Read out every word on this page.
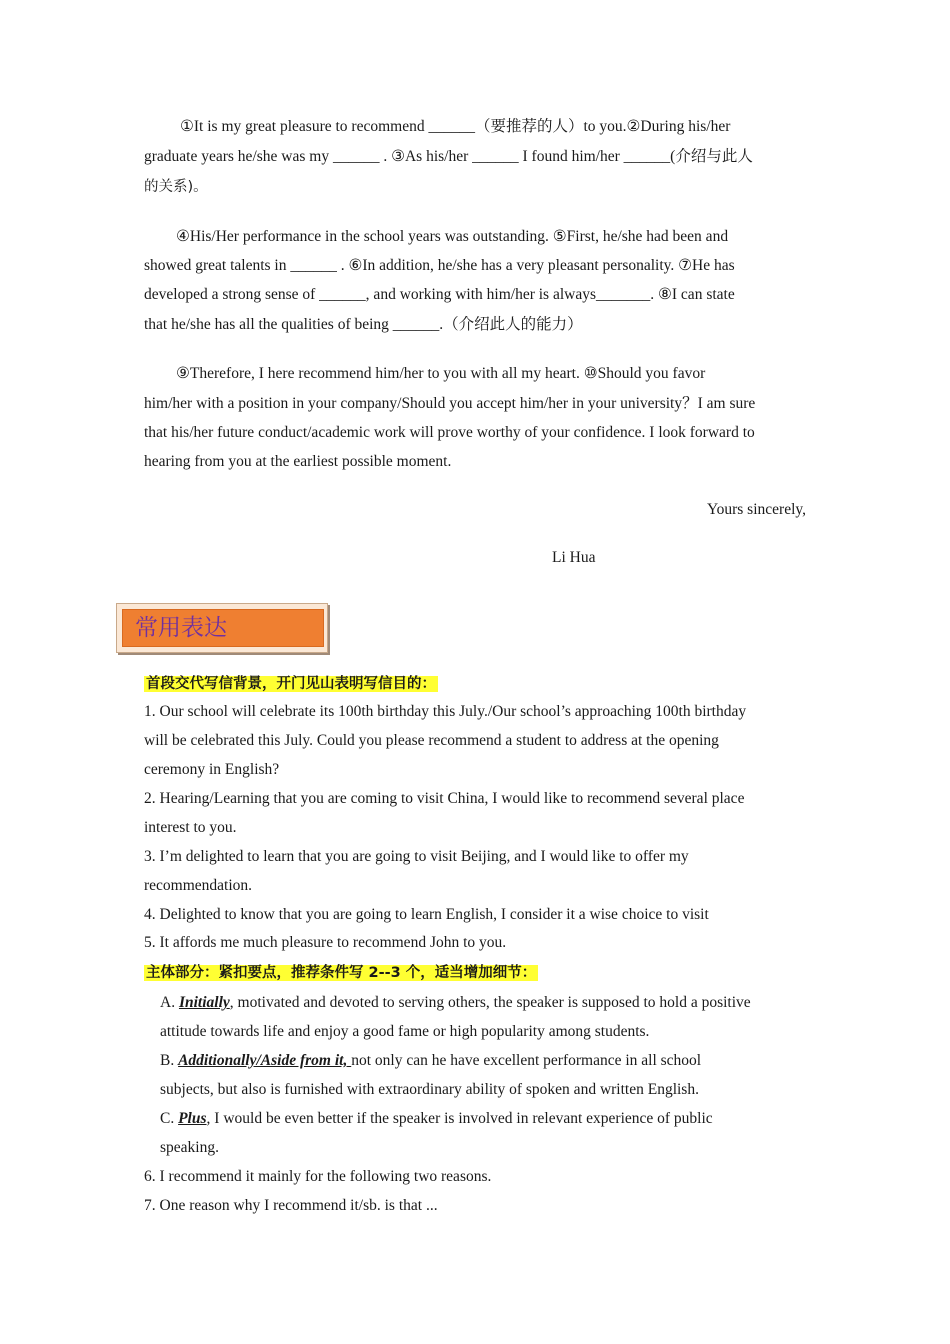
①It is my great pleasure to recommend ______（要推荐的人）to you.②During his/her
graduate years he/she was my ______ . ③As his/her ______ I found him/her ______(介绍与此人
的关系)。
④His/Her performance in the school years was outstanding. ⑤First, he/she had been and
showed great talents in ______ . ⑥In addition, he/she has a very pleasant personality. ⑦He has
developed a strong sense of ______, and working with him/her is always_______. ⑧I can state
that he/she has all the qualities of being ______.（介绍此人的能力）
⑨Therefore, I here recommend him/her to you with all my heart. ⑩Should you favor
him/her with a position in your company/Should you accept him/her in your university？I am sure
that his/her future conduct/academic work will prove worthy of your confidence. I look forward to
hearing from you at the earliest possible moment.
Yours sincerely,
Li Hua
常用表达
首段交代写信背景，开门见山表明写信目的：
1. Our school will celebrate its 100th birthday this July./Our school’s approaching 100th birthday
will be celebrated this July. Could you please recommend a student to address at the opening
ceremony in English?
2. Hearing/Learning that you are coming to visit China, I would like to recommend several place
interest to you.
3. I’m delighted to learn that you are going to visit Beijing, and I would like to offer my
recommendation.
4. Delighted to know that you are going to learn English, I consider it a wise choice to visit
5. It affords me much pleasure to recommend John to you.
主体部分：紧扣要点，推荐条件写 2--3 个，适当增加细节：
A. Initially, motivated and devoted to serving others, the speaker is supposed to hold a positive
attitude towards life and enjoy a good fame or high popularity among students.
B. Additionally/Aside from it, not only can he have excellent performance in all school
subjects, but also is furnished with extraordinary ability of spoken and written English.
C. Plus, I would be even better if the speaker is involved in relevant experience of public
speaking.
6. I recommend it mainly for the following two reasons.
7. One reason why I recommend it/sb. is that ...
